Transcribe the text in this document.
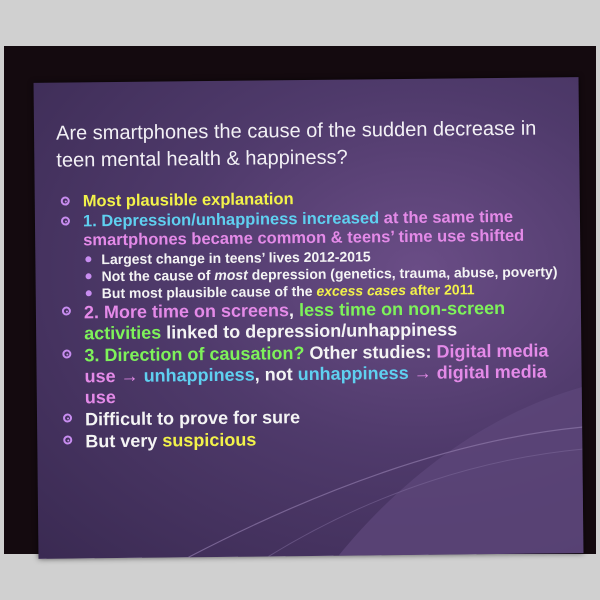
Are smartphones the cause of the sudden decrease in teen mental health & happiness?
Most plausible explanation
1. Depression/unhappiness increased at the same time smartphones became common & teens’ time use shifted
Largest change in teens’ lives 2012-2015
Not the cause of most depression (genetics, trauma, abuse, poverty)
But most plausible cause of the excess cases after 2011
2. More time on screens, less time on non-screen activities linked to depression/unhappiness
3. Direction of causation? Other studies: Digital media use → unhappiness, not unhappiness → digital media use
Difficult to prove for sure
But very suspicious
